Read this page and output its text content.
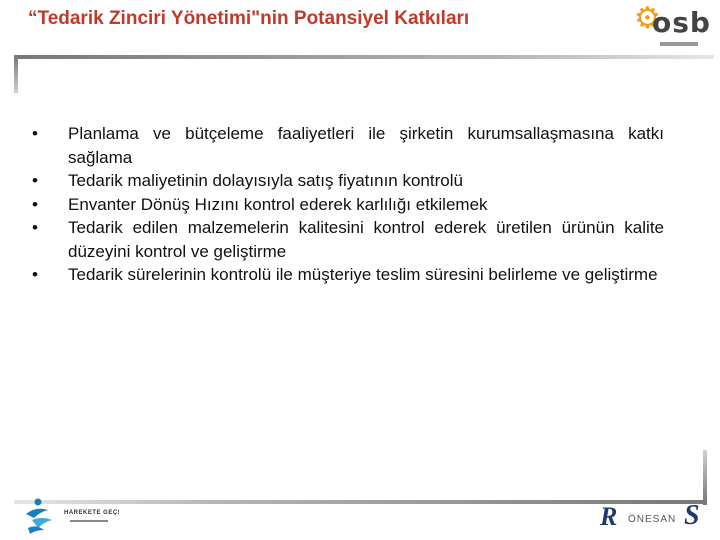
“Tedarik Zinciri Yönetimi"nin Potansiyel Katkıları	⚙
osb
• Planlama ve bütçeleme faaliyetleri ile şirketin kurumsallaşmasına katkı sağlama
• Tedarik maliyetinin dolayısıyla satış fiyatının kontrolü
• Envanter Dönüş Hızını kontrol ederek karlılığı etkilemek
• Tedarik edilen malzemelerin kalitesini kontrol ederek üretilen ürünün kalite düzeyini kontrol ve geliştirme
• Tedarik sürelerinin kontrolü ile müşteriye teslim süresini belirleme ve geliştirme
HAREKETE GEÇ!	R ÖNESAN S
